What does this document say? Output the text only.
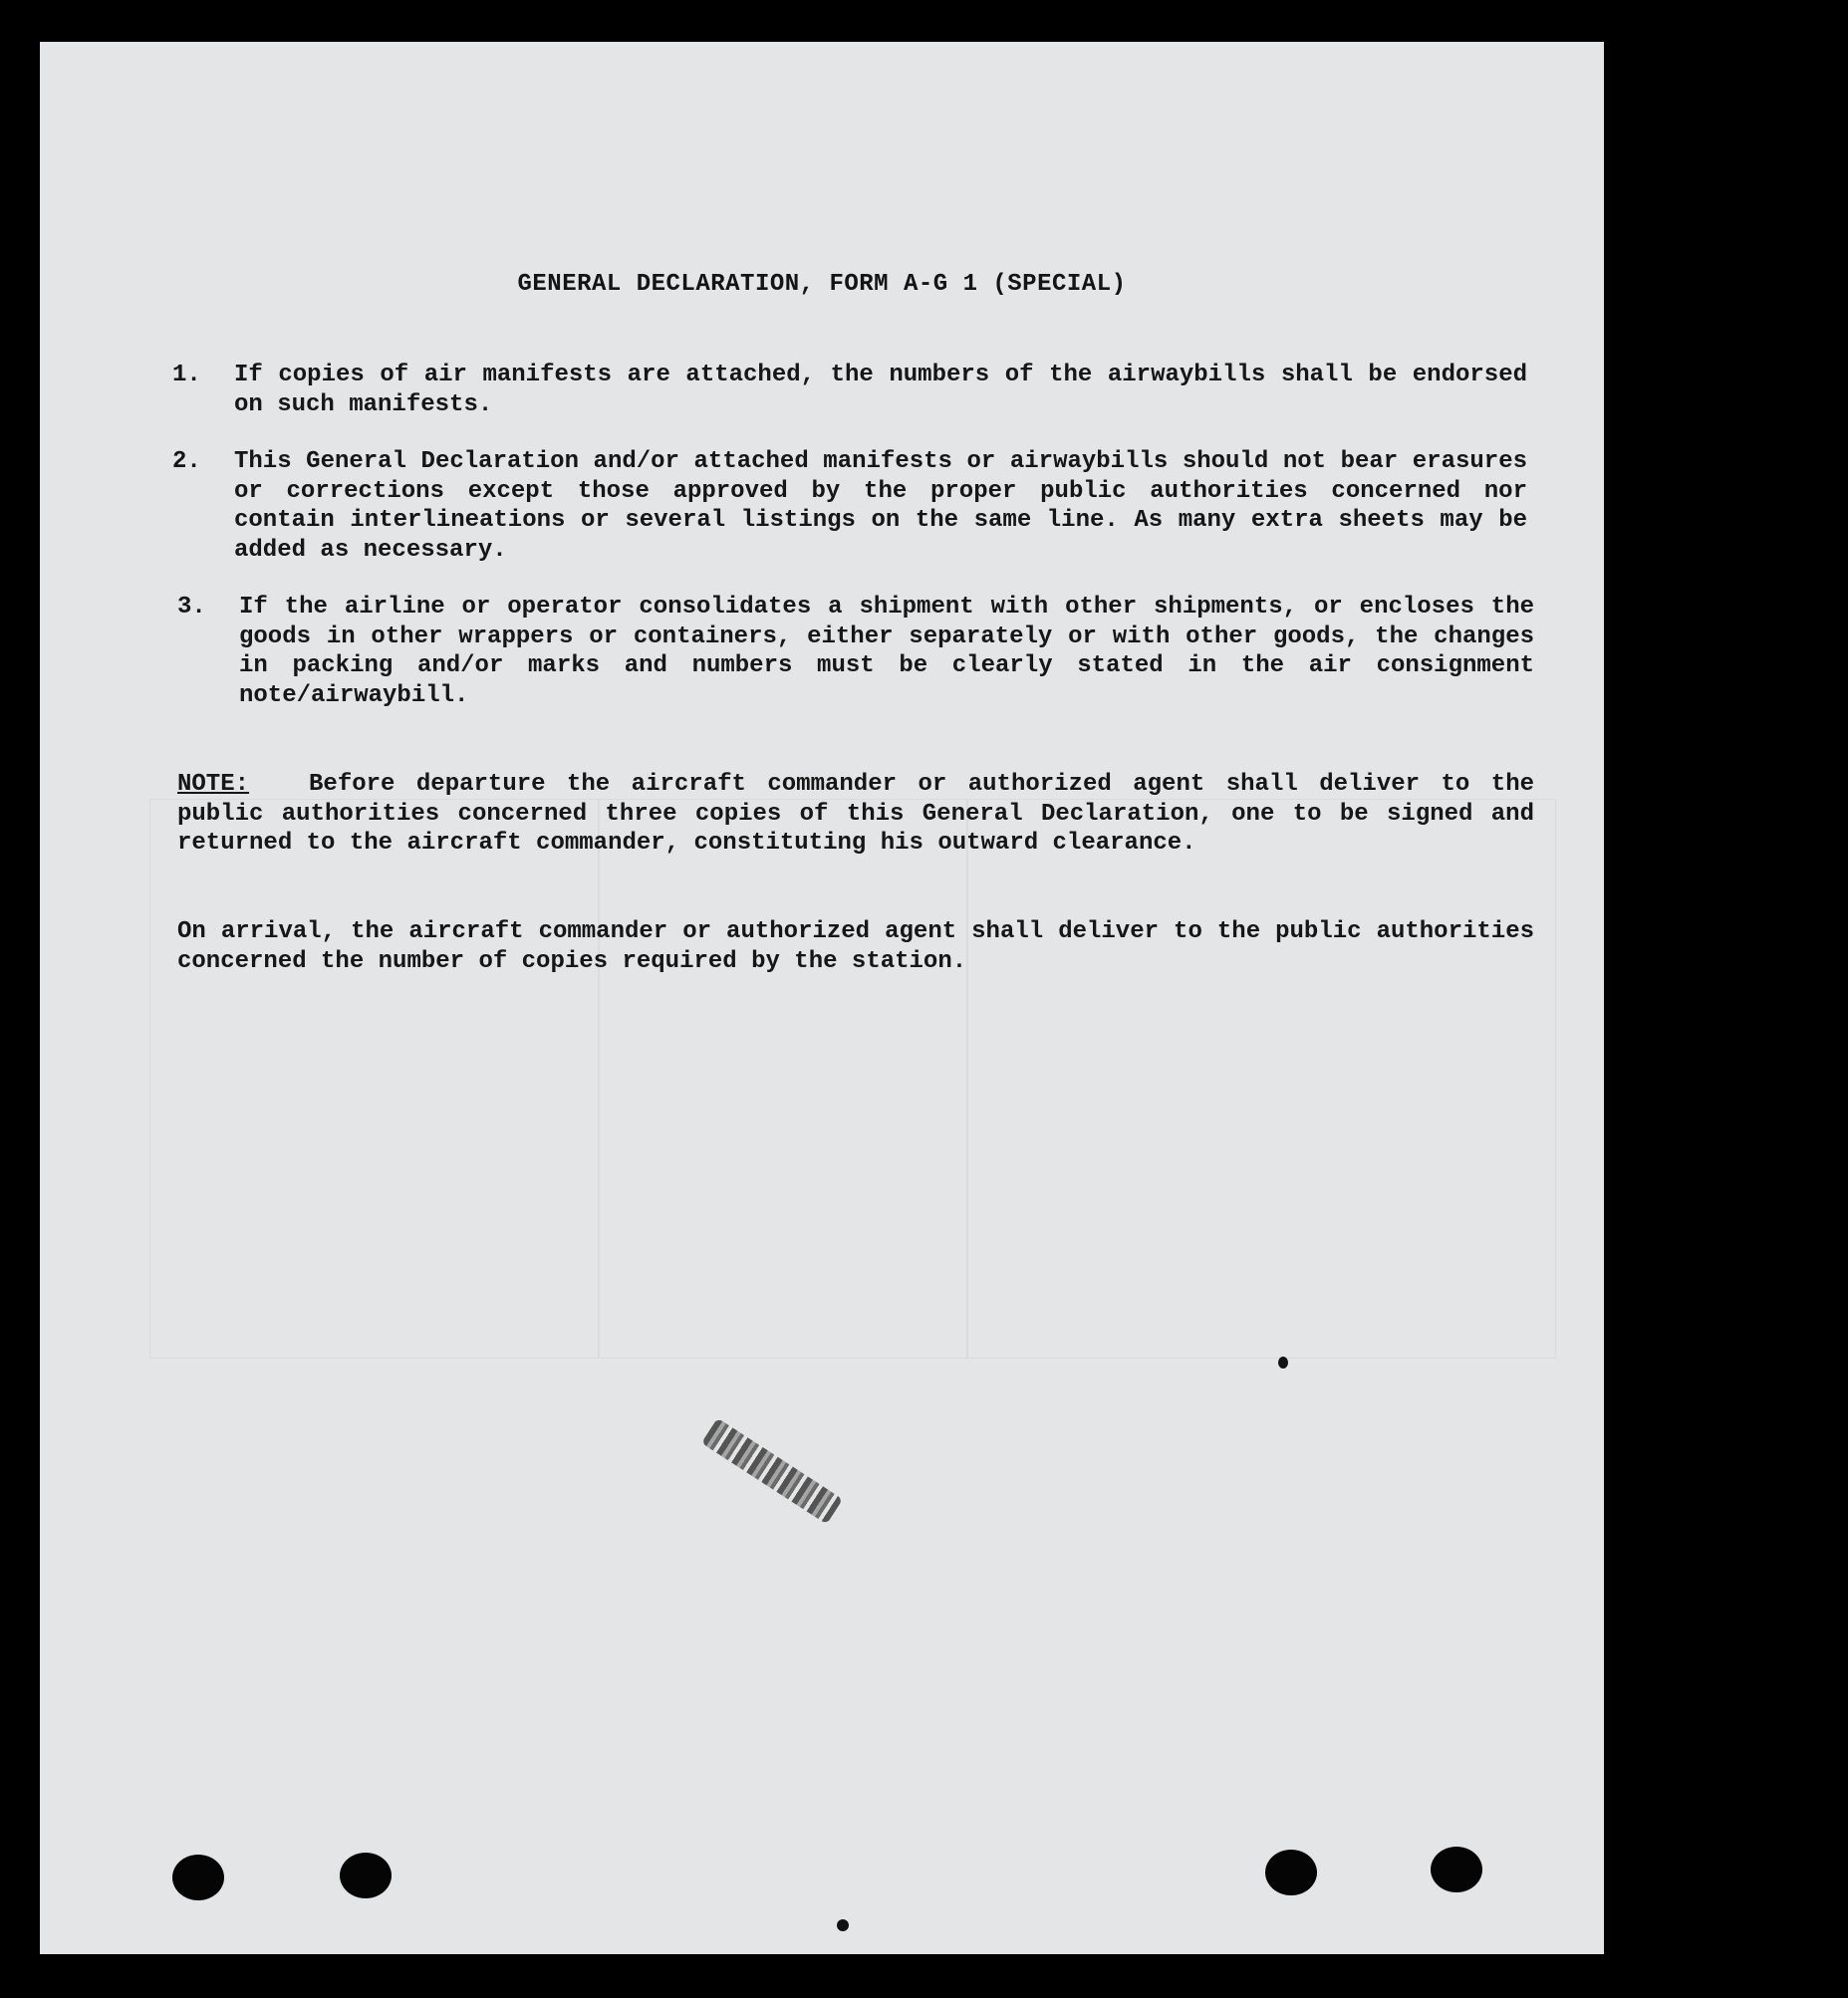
GENERAL DECLARATION, FORM A-G 1 (SPECIAL)
1. If copies of air manifests are attached, the numbers of the airwaybills shall be endorsed on such manifests.
2. This General Declaration and/or attached manifests or airwaybills should not bear erasures or corrections except those approved by the proper public authorities concerned nor contain interlineations or several listings on the same line. As many extra sheets may be added as necessary.
3. If the airline or operator consolidates a shipment with other shipments, or encloses the goods in other wrappers or containers, either separately or with other goods, the changes in packing and/or marks and numbers must be clearly stated in the air consignment note/airwaybill.

NOTE:	Before departure the aircraft commander or authorized agent shall deliver to the public authorities concerned three copies of this General Declaration, one to be signed and returned to the aircraft commander, constituting his outward clearance.

On arrival, the aircraft commander or authorized agent shall deliver to the public authorities concerned the number of copies required by the station.
